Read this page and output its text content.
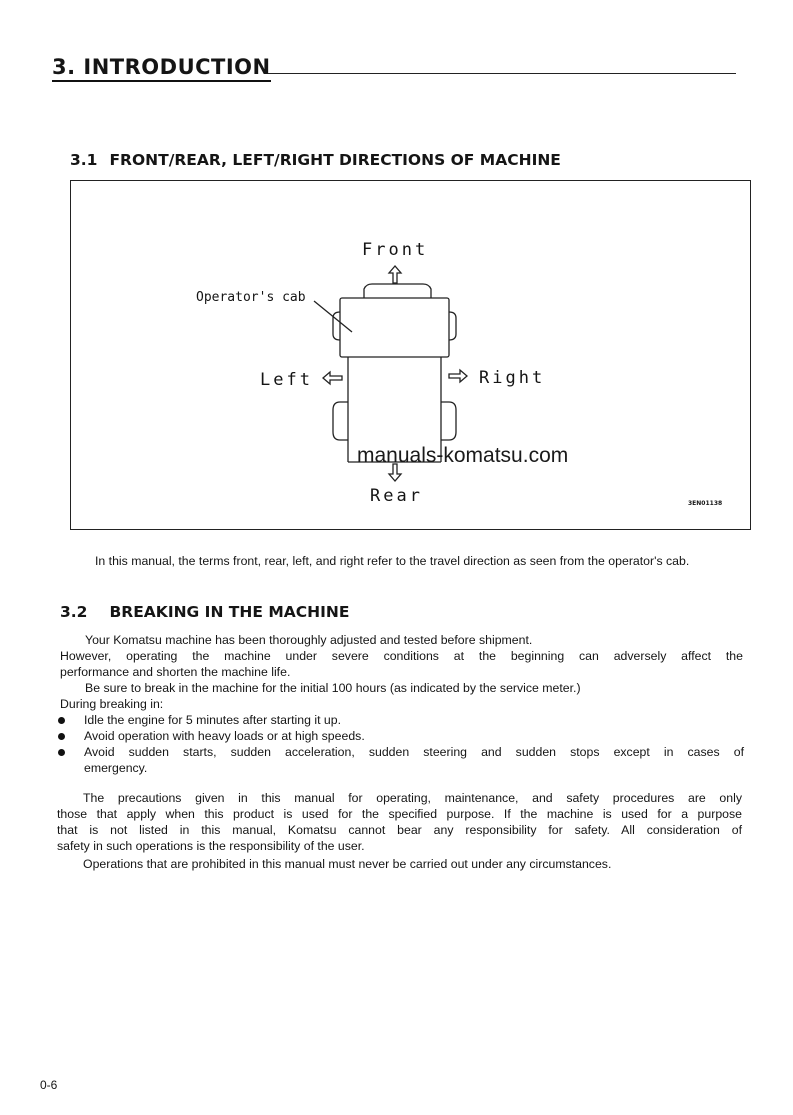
3. INTRODUCTION
3.1 FRONT/REAR, LEFT/RIGHT DIRECTIONS OF MACHINE
Front
Rear
Left	Right
Operator's cab
3EN01138
manuals-komatsu.com
In this manual, the terms front, rear, left, and right refer to the travel direction as seen from the operator's cab.
3.2 BREAKING IN THE MACHINE
Your Komatsu machine has been thoroughly adjusted and tested before shipment.
However, operating the machine under severe conditions at the beginning can adversely affect the
performance and shorten the machine life.
Be sure to break in the machine for the initial 100 hours (as indicated by the service meter.)
During breaking in:
Idle the engine for 5 minutes after starting it up.
Avoid operation with heavy loads or at high speeds.
Avoid sudden starts, sudden acceleration, sudden steering and sudden stops except in cases of
emergency.
The precautions given in this manual for operating, maintenance, and safety procedures are only
those that apply when this product is used for the specified purpose. If the machine is used for a purpose
that is not listed in this manual, Komatsu cannot bear any responsibility for safety. All consideration of
safety in such operations is the responsibility of the user.
Operations that are prohibited in this manual must never be carried out under any circumstances.
0-6
